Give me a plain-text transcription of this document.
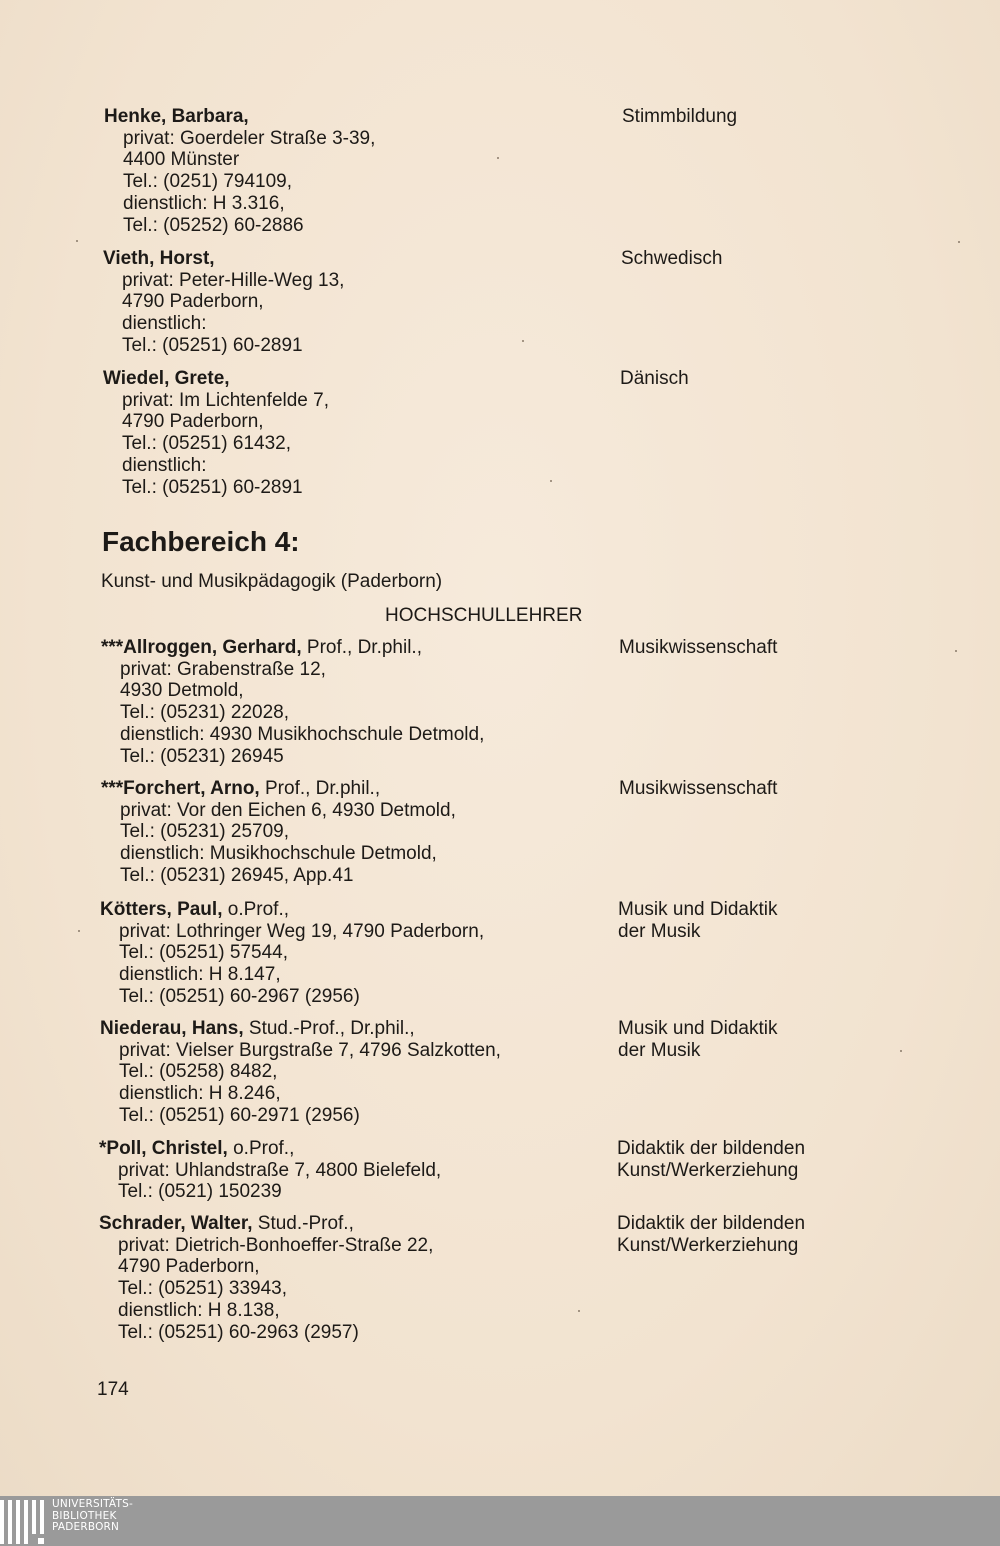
Henke, Barbara,
privat: Goerdeler Straße 3-39,
4400 Münster
Tel.: (0251) 794109,
dienstlich: H 3.316,
Tel.: (05252) 60-2886
Stimmbildung
Vieth, Horst,
privat: Peter-Hille-Weg 13,
4790 Paderborn,
dienstlich:
Tel.: (05251) 60-2891
Schwedisch
Wiedel, Grete,
privat: Im Lichtenfelde 7,
4790 Paderborn,
Tel.: (05251) 61432,
dienstlich:
Tel.: (05251) 60-2891
Dänisch
Fachbereich 4:
Kunst- und Musikpädagogik (Paderborn)
HOCHSCHULLEHRER
***Allroggen, Gerhard, Prof., Dr.phil.,
privat: Grabenstraße 12,
4930 Detmold,
Tel.: (05231) 22028,
dienstlich: 4930 Musikhochschule Detmold,
Tel.: (05231) 26945
Musikwissenschaft
***Forchert, Arno, Prof., Dr.phil.,
privat: Vor den Eichen 6, 4930 Detmold,
Tel.: (05231) 25709,
dienstlich: Musikhochschule Detmold,
Tel.: (05231) 26945, App.41
Musikwissenschaft
Kötters, Paul, o.Prof.,
privat: Lothringer Weg 19, 4790 Paderborn,
Tel.: (05251) 57544,
dienstlich: H 8.147,
Tel.: (05251) 60-2967 (2956)
Musik und Didaktik
der Musik
Niederau, Hans, Stud.-Prof., Dr.phil.,
privat: Vielser Burgstraße 7, 4796 Salzkotten,
Tel.: (05258) 8482,
dienstlich: H 8.246,
Tel.: (05251) 60-2971 (2956)
Musik und Didaktik
der Musik
*Poll, Christel, o.Prof.,
privat: Uhlandstraße 7, 4800 Bielefeld,
Tel.: (0521) 150239
Didaktik der bildenden
Kunst/Werkerziehung
Schrader, Walter, Stud.-Prof.,
privat: Dietrich-Bonhoeffer-Straße 22,
4790 Paderborn,
Tel.: (05251) 33943,
dienstlich: H 8.138,
Tel.: (05251) 60-2963 (2957)
Didaktik der bildenden
Kunst/Werkerziehung
174
UNIVERSITÄTS-
BIBLIOTHEK
PADERBORN
